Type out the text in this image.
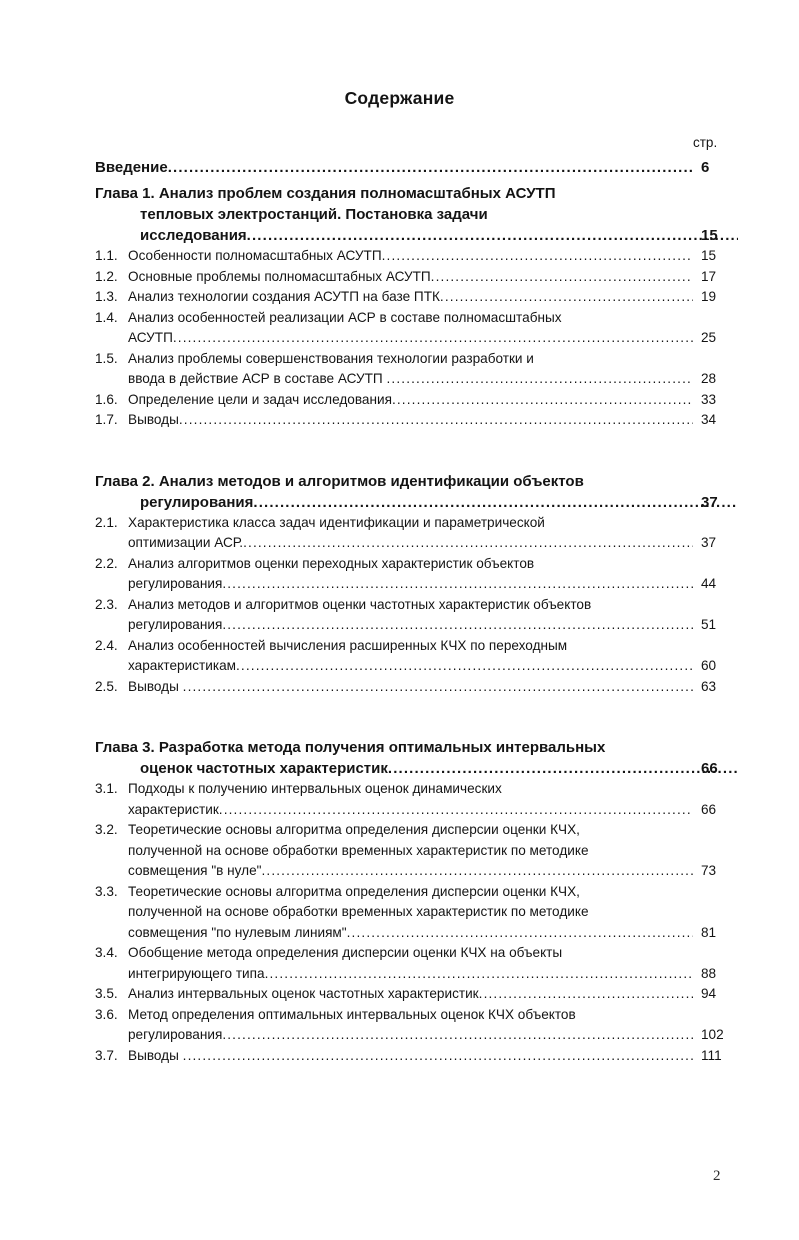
Содержание
стр.
Введение .....	6
Глава 1. Анализ проблем создания полномасштабных АСУТП
тепловых электростанций. Постановка задачи
исследования .....	15
1.1. Особенности полномасштабных АСУТП .....	15
1.2. Основные проблемы полномасштабных АСУТП .....	17
1.3. Анализ технологии создания АСУТП на базе ПТК .....	19
1.4. Анализ особенностей реализации АСР в составе полномасштабных
АСУТП .....	25
1.5. Анализ проблемы совершенствования технологии разработки и
ввода в действие АСР в составе АСУТП .....	28
1.6. Определение цели и задач исследования .....	33
1.7. Выводы .....	34
Глава 2. Анализ методов и алгоритмов идентификации объектов
регулирования .....	37
2.1. Характеристика класса задач идентификации и параметрической
оптимизации АСР. .....	37
2.2. Анализ алгоритмов оценки переходных характеристик объектов
регулирования .....	44
2.3. Анализ методов и алгоритмов оценки частотных характеристик объектов
регулирования .....	51
2.4. Анализ особенностей вычисления расширенных КЧХ по переходным
характеристикам .....	60
2.5. Выводы .....	63
Глава 3. Разработка метода получения оптимальных интервальных
оценок частотных характеристик .....	66
3.1. Подходы к получению интервальных оценок динамических
характеристик .....	66
3.2. Теоретические основы алгоритма определения дисперсии оценки КЧХ,
полученной на основе обработки временных характеристик по методике
совмещения "в нуле" .....	73
3.3. Теоретические основы алгоритма определения дисперсии оценки КЧХ,
полученной на основе обработки временных характеристик по методике
совмещения "по нулевым линиям" .....	81
3.4. Обобщение метода определения дисперсии оценки КЧХ на объекты
интегрирующего типа .....	88
3.5. Анализ интервальных оценок частотных характеристик .....	94
3.6. Метод определения оптимальных интервальных оценок КЧХ объектов
регулирования .....	102
3.7. Выводы .....	111
2
